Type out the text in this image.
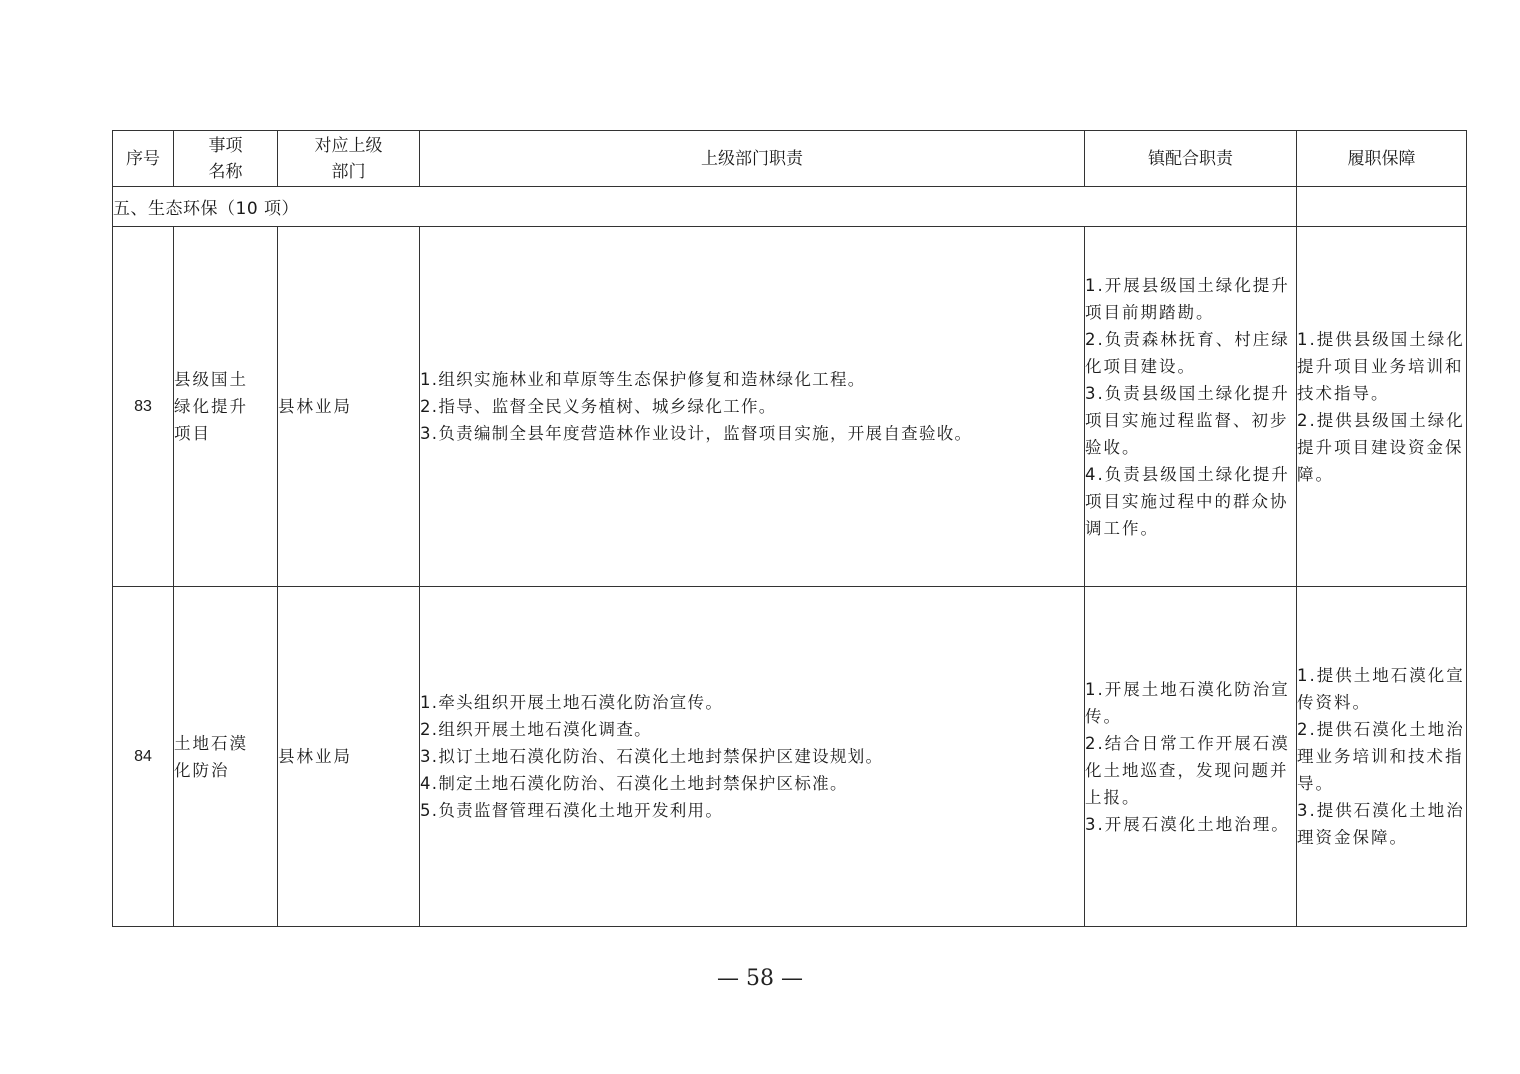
序号	事项
名称	对应上级
部门	上级部门职责	镇配合职责	履职保障
五、生态环保（10 项）					
83	县级国土
绿化提升
项目	县林业局	1.组织实施林业和草原等生态保护修复和造林绿化工程。
2.指导、监督全民义务植树、城乡绿化工作。
3.负责编制全县年度营造林作业设计，监督项目实施，开展自查验收。	1.开展县级国土绿化提升项目前期踏勘。
2.负责森林抚育、村庄绿化项目建设。
3.负责县级国土绿化提升项目实施过程监督、初步验收。
4.负责县级国土绿化提升项目实施过程中的群众协调工作。	1.提供县级国土绿化提升项目业务培训和技术指导。
2.提供县级国土绿化提升项目建设资金保障。

84	土地石漠
化防治	县林业局	1.牵头组织开展土地石漠化防治宣传。
2.组织开展土地石漠化调查。
3.拟订土地石漠化防治、石漠化土地封禁保护区建设规划。
4.制定土地石漠化防治、石漠化土地封禁保护区标准。
5.负责监督管理石漠化土地开发利用。	1.开展土地石漠化防治宣传。
2.结合日常工作开展石漠化土地巡查，发现问题并上报。
3.开展石漠化土地治理。	1.提供土地石漠化宣传资料。
2.提供石漠化土地治理业务培训和技术指导。
3.提供石漠化土地治理资金保障。
— 58 —
